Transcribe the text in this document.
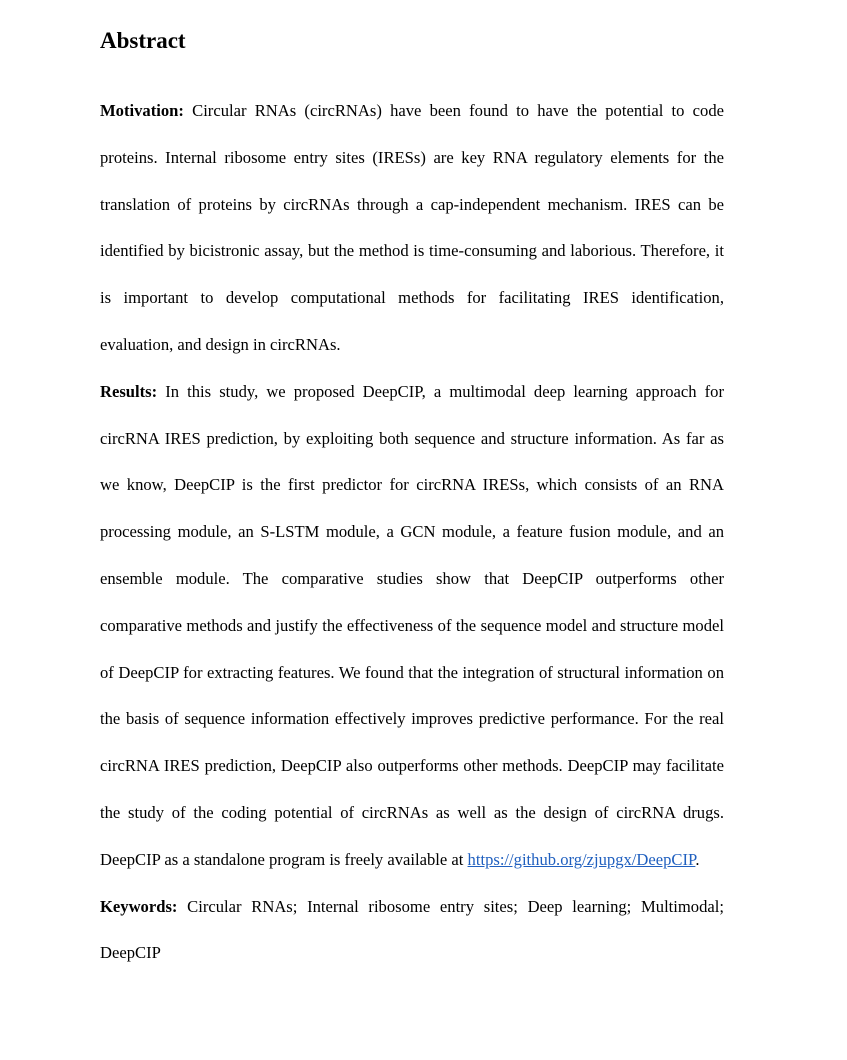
Abstract

Motivation: Circular RNAs (circRNAs) have been found to have the potential to code proteins. Internal ribosome entry sites (IRESs) are key RNA regulatory elements for the translation of proteins by circRNAs through a cap-independent mechanism. IRES can be identified by bicistronic assay, but the method is time-consuming and laborious. Therefore, it is important to develop computational methods for facilitating IRES identification, evaluation, and design in circRNAs.

Results: In this study, we proposed DeepCIP, a multimodal deep learning approach for circRNA IRES prediction, by exploiting both sequence and structure information. As far as we know, DeepCIP is the first predictor for circRNA IRESs, which consists of an RNA processing module, an S-LSTM module, a GCN module, a feature fusion module, and an ensemble module. The comparative studies show that DeepCIP outperforms other comparative methods and justify the effectiveness of the sequence model and structure model of DeepCIP for extracting features. We found that the integration of structural information on the basis of sequence information effectively improves predictive performance. For the real circRNA IRES prediction, DeepCIP also outperforms other methods. DeepCIP may facilitate the study of the coding potential of circRNAs as well as the design of circRNA drugs. DeepCIP as a standalone program is freely available at https://github.org/zjupgx/DeepCIP.

Keywords: Circular RNAs; Internal ribosome entry sites; Deep learning; Multimodal; DeepCIP
